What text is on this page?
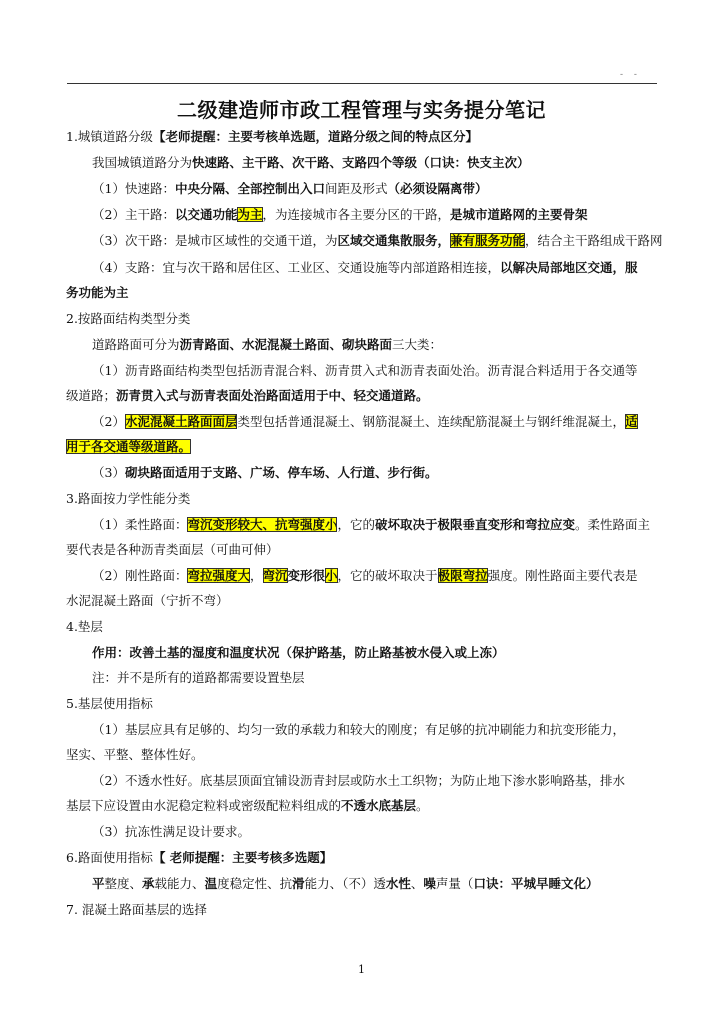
- -
二级建造师市政工程管理与实务提分笔记
1.城镇道路分级【老师提醒：主要考核单选题，道路分级之间的特点区分】
我国城镇道路分为快速路、主干路、次干路、支路四个等级（口诀：快支主次）
（1）快速路：中央分隔、全部控制出入口间距及形式（必须设隔离带）
（2）主干路：以交通功能为主，为连接城市各主要分区的干路，是城市道路网的主要骨架
（3）次干路：是城市区域性的交通干道，为区域交通集散服务，兼有服务功能，结合主干路组成干路网
（4）支路：宜与次干路和居住区、工业区、交通设施等内部道路相连接，以解决局部地区交通，服
务功能为主
2.按路面结构类型分类
道路路面可分为沥青路面、水泥混凝土路面、砌块路面三大类：
（1）沥青路面结构类型包括沥青混合料、沥青贯入式和沥青表面处治。沥青混合料适用于各交通等
级道路；沥青贯入式与沥青表面处治路面适用于中、轻交通道路。
（2）水泥混凝土路面面层类型包括普通混凝土、钢筋混凝土、连续配筋混凝土与钢纤维混凝土，适
用于各交通等级道路。
（3）砌块路面适用于支路、广场、停车场、人行道、步行街。
3.路面按力学性能分类
（1）柔性路面：弯沉变形较大、抗弯强度小，它的破坏取决于极限垂直变形和弯拉应变。柔性路面主
要代表是各种沥青类面层（可曲可伸）
（2）刚性路面：弯拉强度大，弯沉变形很小，它的破坏取决于极限弯拉强度。刚性路面主要代表是
水泥混凝土路面（宁折不弯）
4.垫层
作用：改善土基的湿度和温度状况（保护路基，防止路基被水侵入或上冻）
注：并不是所有的道路都需要设置垫层
5.基层使用指标
（1）基层应具有足够的、均匀一致的承载力和较大的刚度；有足够的抗冲刷能力和抗变形能力，
坚实、平整、整体性好。
（2）不透水性好。底基层顶面宜铺设沥青封层或防水土工织物；为防止地下渗水影响路基，排水
基层下应设置由水泥稳定粒料或密级配粒料组成的不透水底基层。
（3）抗冻性满足设计要求。
6.路面使用指标【 老师提醒：主要考核多选题】
平整度、承载能力、温度稳定性、抗滑能力、（不）透水性、噪声量（口诀：平城早睡文化）
7. 混凝土路面基层的选择
1
